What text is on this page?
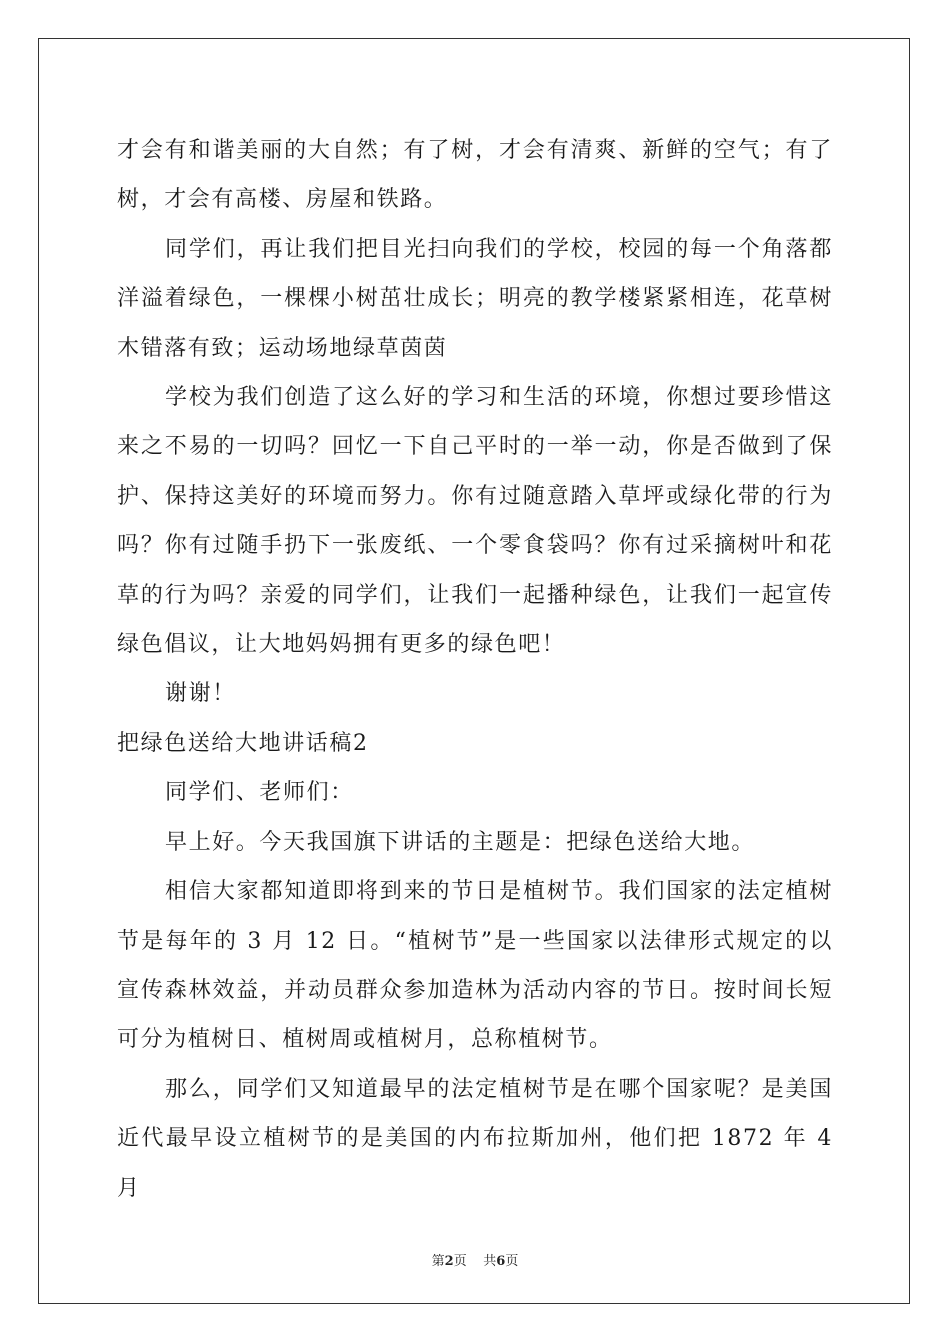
才会有和谐美丽的大自然；有了树，才会有清爽、新鲜的空气；有了树，才会有高楼、房屋和铁路。

同学们，再让我们把目光扫向我们的学校，校园的每一个角落都洋溢着绿色，一棵棵小树茁壮成长；明亮的教学楼紧紧相连，花草树木错落有致；运动场地绿草茵茵

学校为我们创造了这么好的学习和生活的环境，你想过要珍惜这来之不易的一切吗？回忆一下自己平时的一举一动，你是否做到了保护、保持这美好的环境而努力。你有过随意踏入草坪或绿化带的行为吗？你有过随手扔下一张废纸、一个零食袋吗？你有过采摘树叶和花草的行为吗？亲爱的同学们，让我们一起播种绿色，让我们一起宣传绿色倡议，让大地妈妈拥有更多的绿色吧！

谢谢！

把绿色送给大地讲话稿2

同学们、老师们：

早上好。今天我国旗下讲话的主题是：把绿色送给大地。

相信大家都知道即将到来的节日是植树节。我们国家的法定植树节是每年的 3 月 12 日。“植树节”是一些国家以法律形式规定的以宣传森林效益，并动员群众参加造林为活动内容的节日。按时间长短可分为植树日、植树周或植树月，总称植树节。

那么，同学们又知道最早的法定植树节是在哪个国家呢？是美国近代最早设立植树节的是美国的内布拉斯加州，他们把 1872 年 4 月

第2页 共6页
